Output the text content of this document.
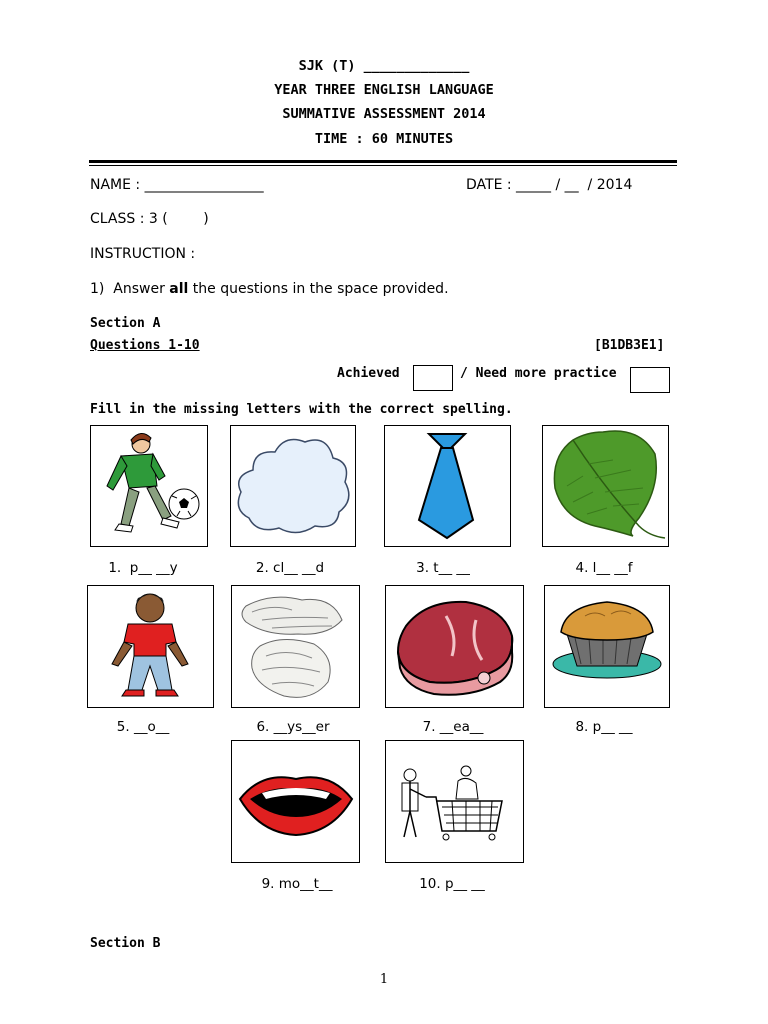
SJK (T) _____________
YEAR THREE ENGLISH LANGUAGE
SUMMATIVE ASSESSMENT 2014
TIME : 60 MINUTES
NAME : _________________	DATE : _____ / __  / 2014
CLASS : 3 (        )
INSTRUCTION :
1)  Answer all the questions in the space provided.
Section A
Questions 1-10	[B1DB3E1]
Achieved	/ Need more practice
Fill in the missing letters with the correct spelling.
1.  p__ __y	2. cl__ __d	3. t__ __	4. l__ __f
5. __o__	6. __ys__er	7. __ea__	8. p__ __
9. mo__t__	10. p__ __
Section B
1
